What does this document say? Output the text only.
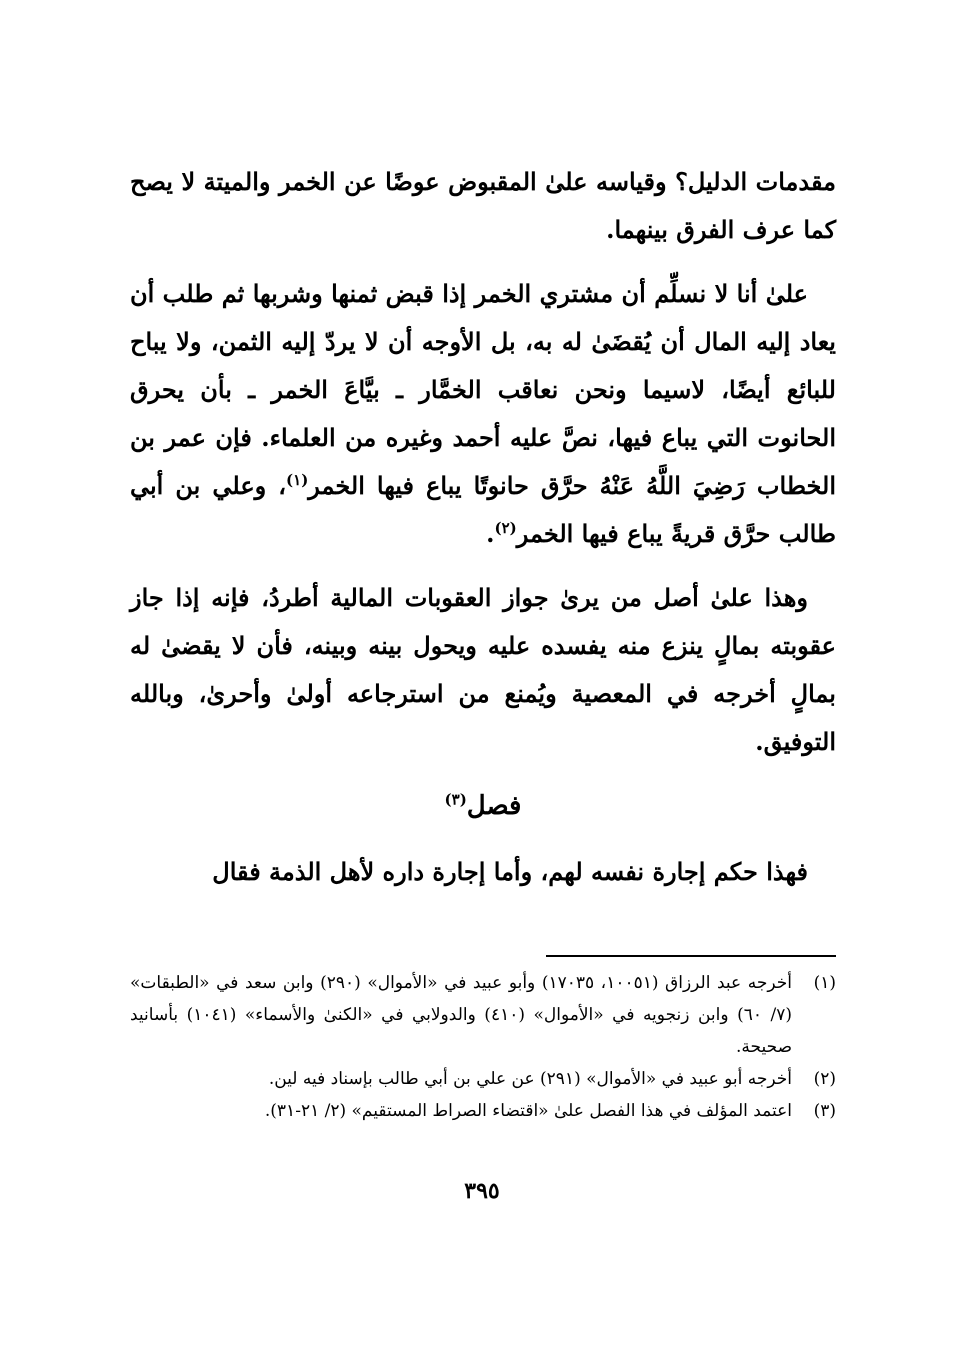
مقدمات الدليل؟ وقياسه علىٰ المقبوض عوضًا عن الخمر والميتة لا يصح كما عرف الفرق بينهما.

علىٰ أنا لا نسلِّم أن مشتري الخمر إذا قبض ثمنها وشربها ثم طلب أن يعاد إليه المال أن يُقضَىٰ له به، بل الأوجه أن لا يردّ إليه الثمن، ولا يباح للبائع أيضًا، لاسيما ونحن نعاقب الخمَّار ـ بيَّاعَ الخمر ـ بأن يحرق الحانوت التي يباع فيها، نصَّ عليه أحمد وغيره من العلماء. فإن عمر بن الخطاب رَضِيَ اللَّهُ عَنْهُ حرَّق حانوتًا يباع فيها الخمر$^{(١)}$، وعلي بن أبي طالب حرَّق قريةً يباع فيها الخمر$^{(٢)}$.

وهذا علىٰ أصل من يرىٰ جواز العقوبات المالية أطردُ، فإنه إذا جاز عقوبته بمالٍ ينزع منه يفسده عليه ويحول بينه وبينه، فأن لا يقضىٰ له بمالٍ أخرجه في المعصية ويُمنع من استرجاعه أولىٰ وأحرىٰ، وبالله التوفيق.

فصل$^{(٣)}$

فهذا حكم إجارة نفسه لهم، وأما إجارة داره لأهل الذمة فقال

(١)
أخرجه عبد الرزاق (١٠٠٥١، ١٧٠٣٥) وأبو عبيد في «الأموال» (٢٩٠) وابن سعد في «الطبقات» (٧/ ٦٠) وابن زنجويه في «الأموال» (٤١٠) والدولابي في «الكنىٰ والأسماء» (١٠٤١) بأسانيد صحيحة.

(٢)
أخرجه أبو عبيد في «الأموال» (٢٩١) عن علي بن أبي طالب بإسناد فيه لين.

(٣)
اعتمد المؤلف في هذا الفصل علىٰ «اقتضاء الصراط المستقيم» (٢/ ٢١-٣١).

٣٩٥
